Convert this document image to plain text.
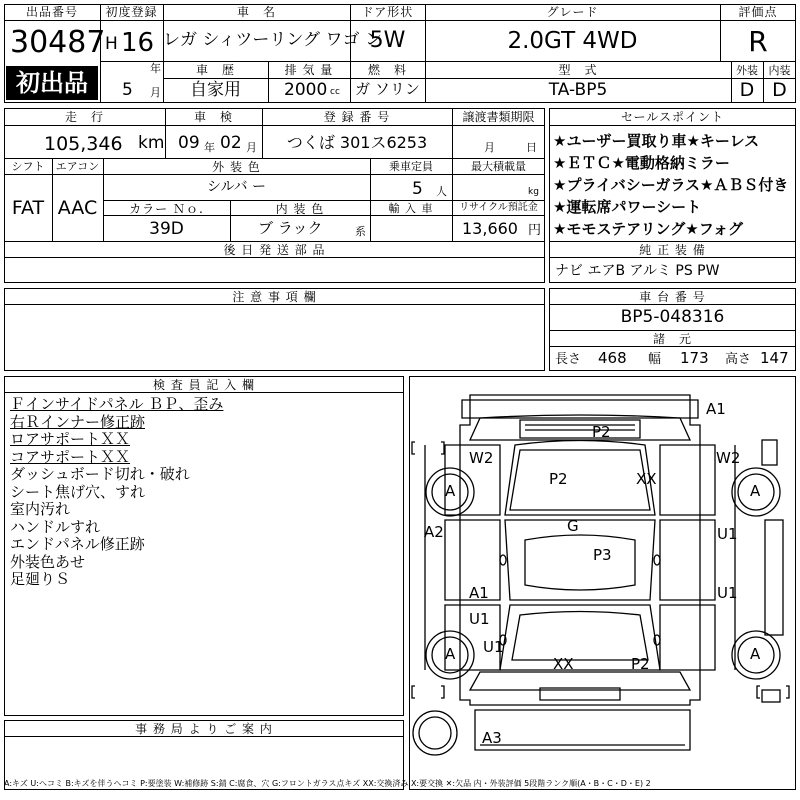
出品番号
30487
初出品
初度登録
H 16
年
5 月
車　名
レガ シィツーリング ワゴ ン
ドア形状
5W
グレード
2.0GT 4WD
評価点
R
車　歴
自家用
排 気 量
2000 cc
燃　料
ガ ソリン
型　式
TA-BP5
外装 内装
D D
走　行
105,346 km
車　検
09 年 02 月
登 録 番 号
つくば 301ス6253
譲渡書類期限
月	日
シフト	エアコン
FAT AAC
外 装 色
シルバ ー
乗車定員
5 人
最大積載量
kg
カラー Ｎｏ.
39D
内 装 色
ブ ラック	系
輸 入 車	リサイクル預託金
13,660 円
後 日 発 送 部 品
セールスポイント
★ユーザー買取り車★キーレス
★ＥＴＣ★電動格納ミラー
★プライバシーガラス★ＡＢＳ付き
★運転席パワーシート
★モモステアリング★フォグ
純 正 装 備
ナビ エアB アルミ PS PW
注 意 事 項 欄	車 台 番 号
BP5-048316
諸　元
長さ 468 幅 173 高さ 147
検 査 員 記 入 欄
Ｆインサイドパネル ＢＰ、歪み
右Ｒインナー修正跡
ロアサポートＸＸ
コアサポートＸＸ
ダッシュボード切れ・破れ
シート焦げ穴、すれ
室内汚れ
ハンドルすれ
エンドパネル修正跡
外装色あせ
足廻りＳ
事 務 局 よ り ご 案 内
A1
P2
W2	W2
A	A
P2	XX
A2	G	U1
P3
A1	U1
U1
A U1	A
XX	P2
A3
A:キズ U:ヘコミ B:キズを伴うヘコミ P:要塗装 W:補修跡 S:錆 C:腐食、穴 G:フロントガラス点キズ XX:交換済み X:要交換 ✕:欠品 内・外装評価 5段階ランク順(A・B・C・D・E) 2
